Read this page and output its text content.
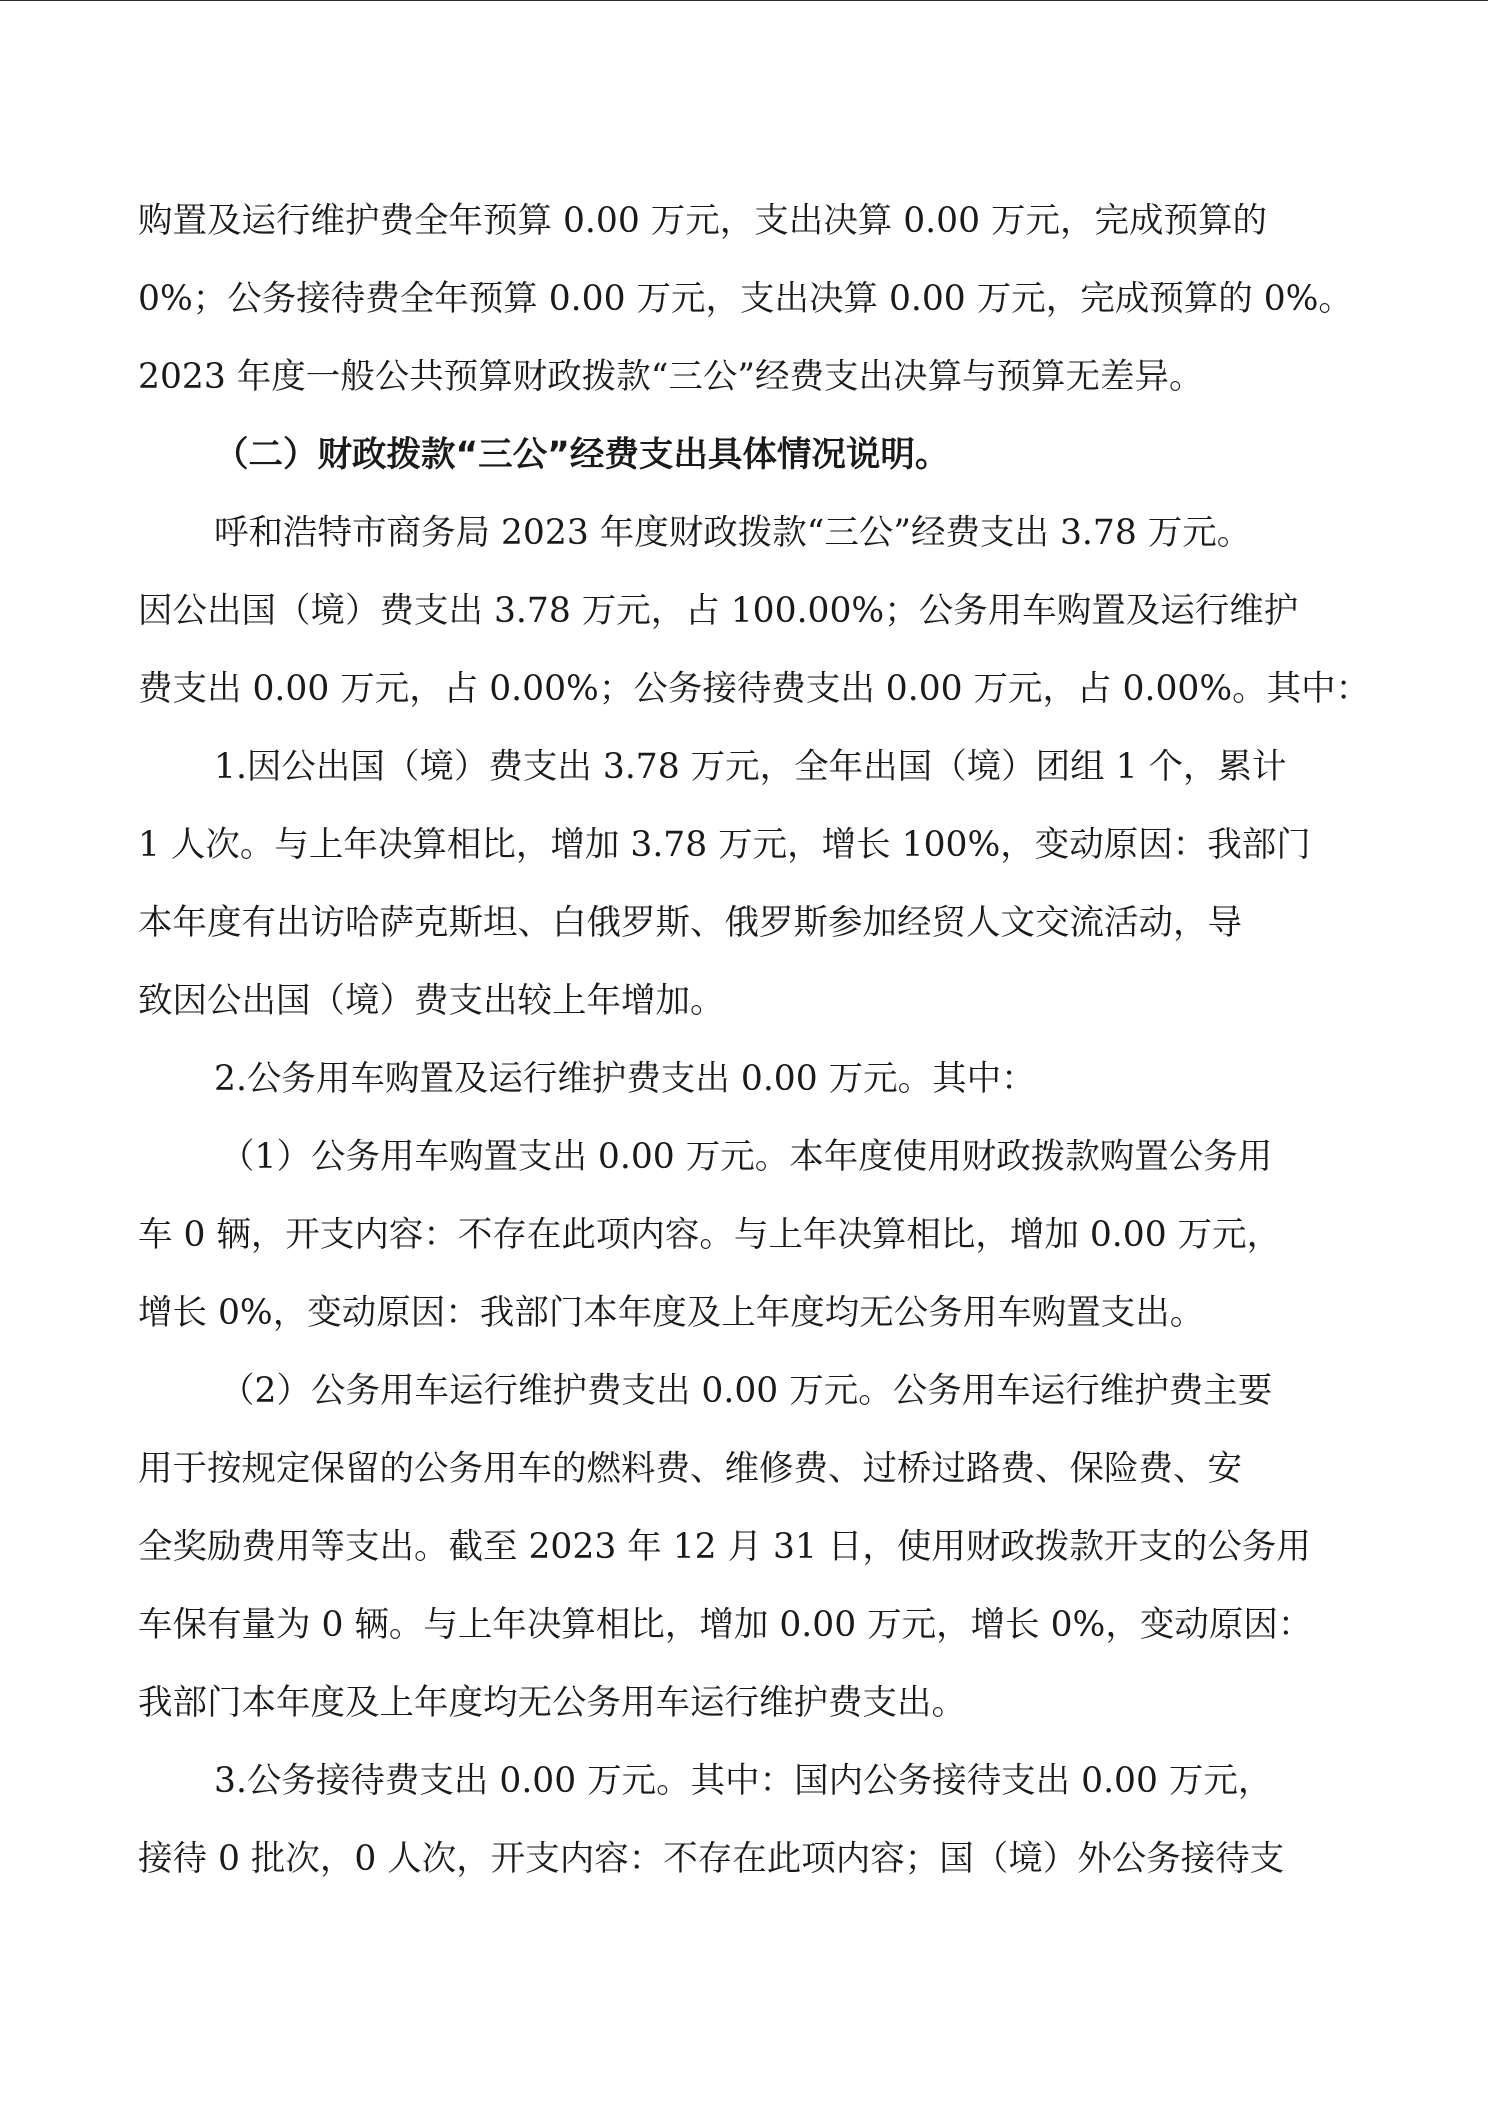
购置及运行维护费全年预算 0.00 万元，支出决算 0.00 万元，完成预算的
0%；公务接待费全年预算 0.00 万元，支出决算 0.00 万元，完成预算的 0%。
2023 年度一般公共预算财政拨款“三公”经费支出决算与预算无差异。
（二）财政拨款“三公”经费支出具体情况说明。
呼和浩特市商务局 2023 年度财政拨款“三公”经费支出 3.78 万元。
因公出国（境）费支出 3.78 万元，占 100.00%；公务用车购置及运行维护
费支出 0.00 万元，占 0.00%；公务接待费支出 0.00 万元，占 0.00%。其中：
1.因公出国（境）费支出 3.78 万元，全年出国（境）团组 1 个，累计
1 人次。与上年决算相比，增加 3.78 万元，增长 100%，变动原因：我部门
本年度有出访哈萨克斯坦、白俄罗斯、俄罗斯参加经贸人文交流活动，导
致因公出国（境）费支出较上年增加。
2.公务用车购置及运行维护费支出 0.00 万元。其中：
（1）公务用车购置支出 0.00 万元。本年度使用财政拨款购置公务用
车 0 辆，开支内容：不存在此项内容。与上年决算相比，增加 0.00 万元，
增长 0%，变动原因：我部门本年度及上年度均无公务用车购置支出。
（2）公务用车运行维护费支出 0.00 万元。公务用车运行维护费主要
用于按规定保留的公务用车的燃料费、维修费、过桥过路费、保险费、安
全奖励费用等支出。截至 2023 年 12 月 31 日，使用财政拨款开支的公务用
车保有量为 0 辆。与上年决算相比，增加 0.00 万元，增长 0%，变动原因：
我部门本年度及上年度均无公务用车运行维护费支出。
3.公务接待费支出 0.00 万元。其中：国内公务接待支出 0.00 万元，
接待 0 批次，0 人次，开支内容：不存在此项内容；国（境）外公务接待支
